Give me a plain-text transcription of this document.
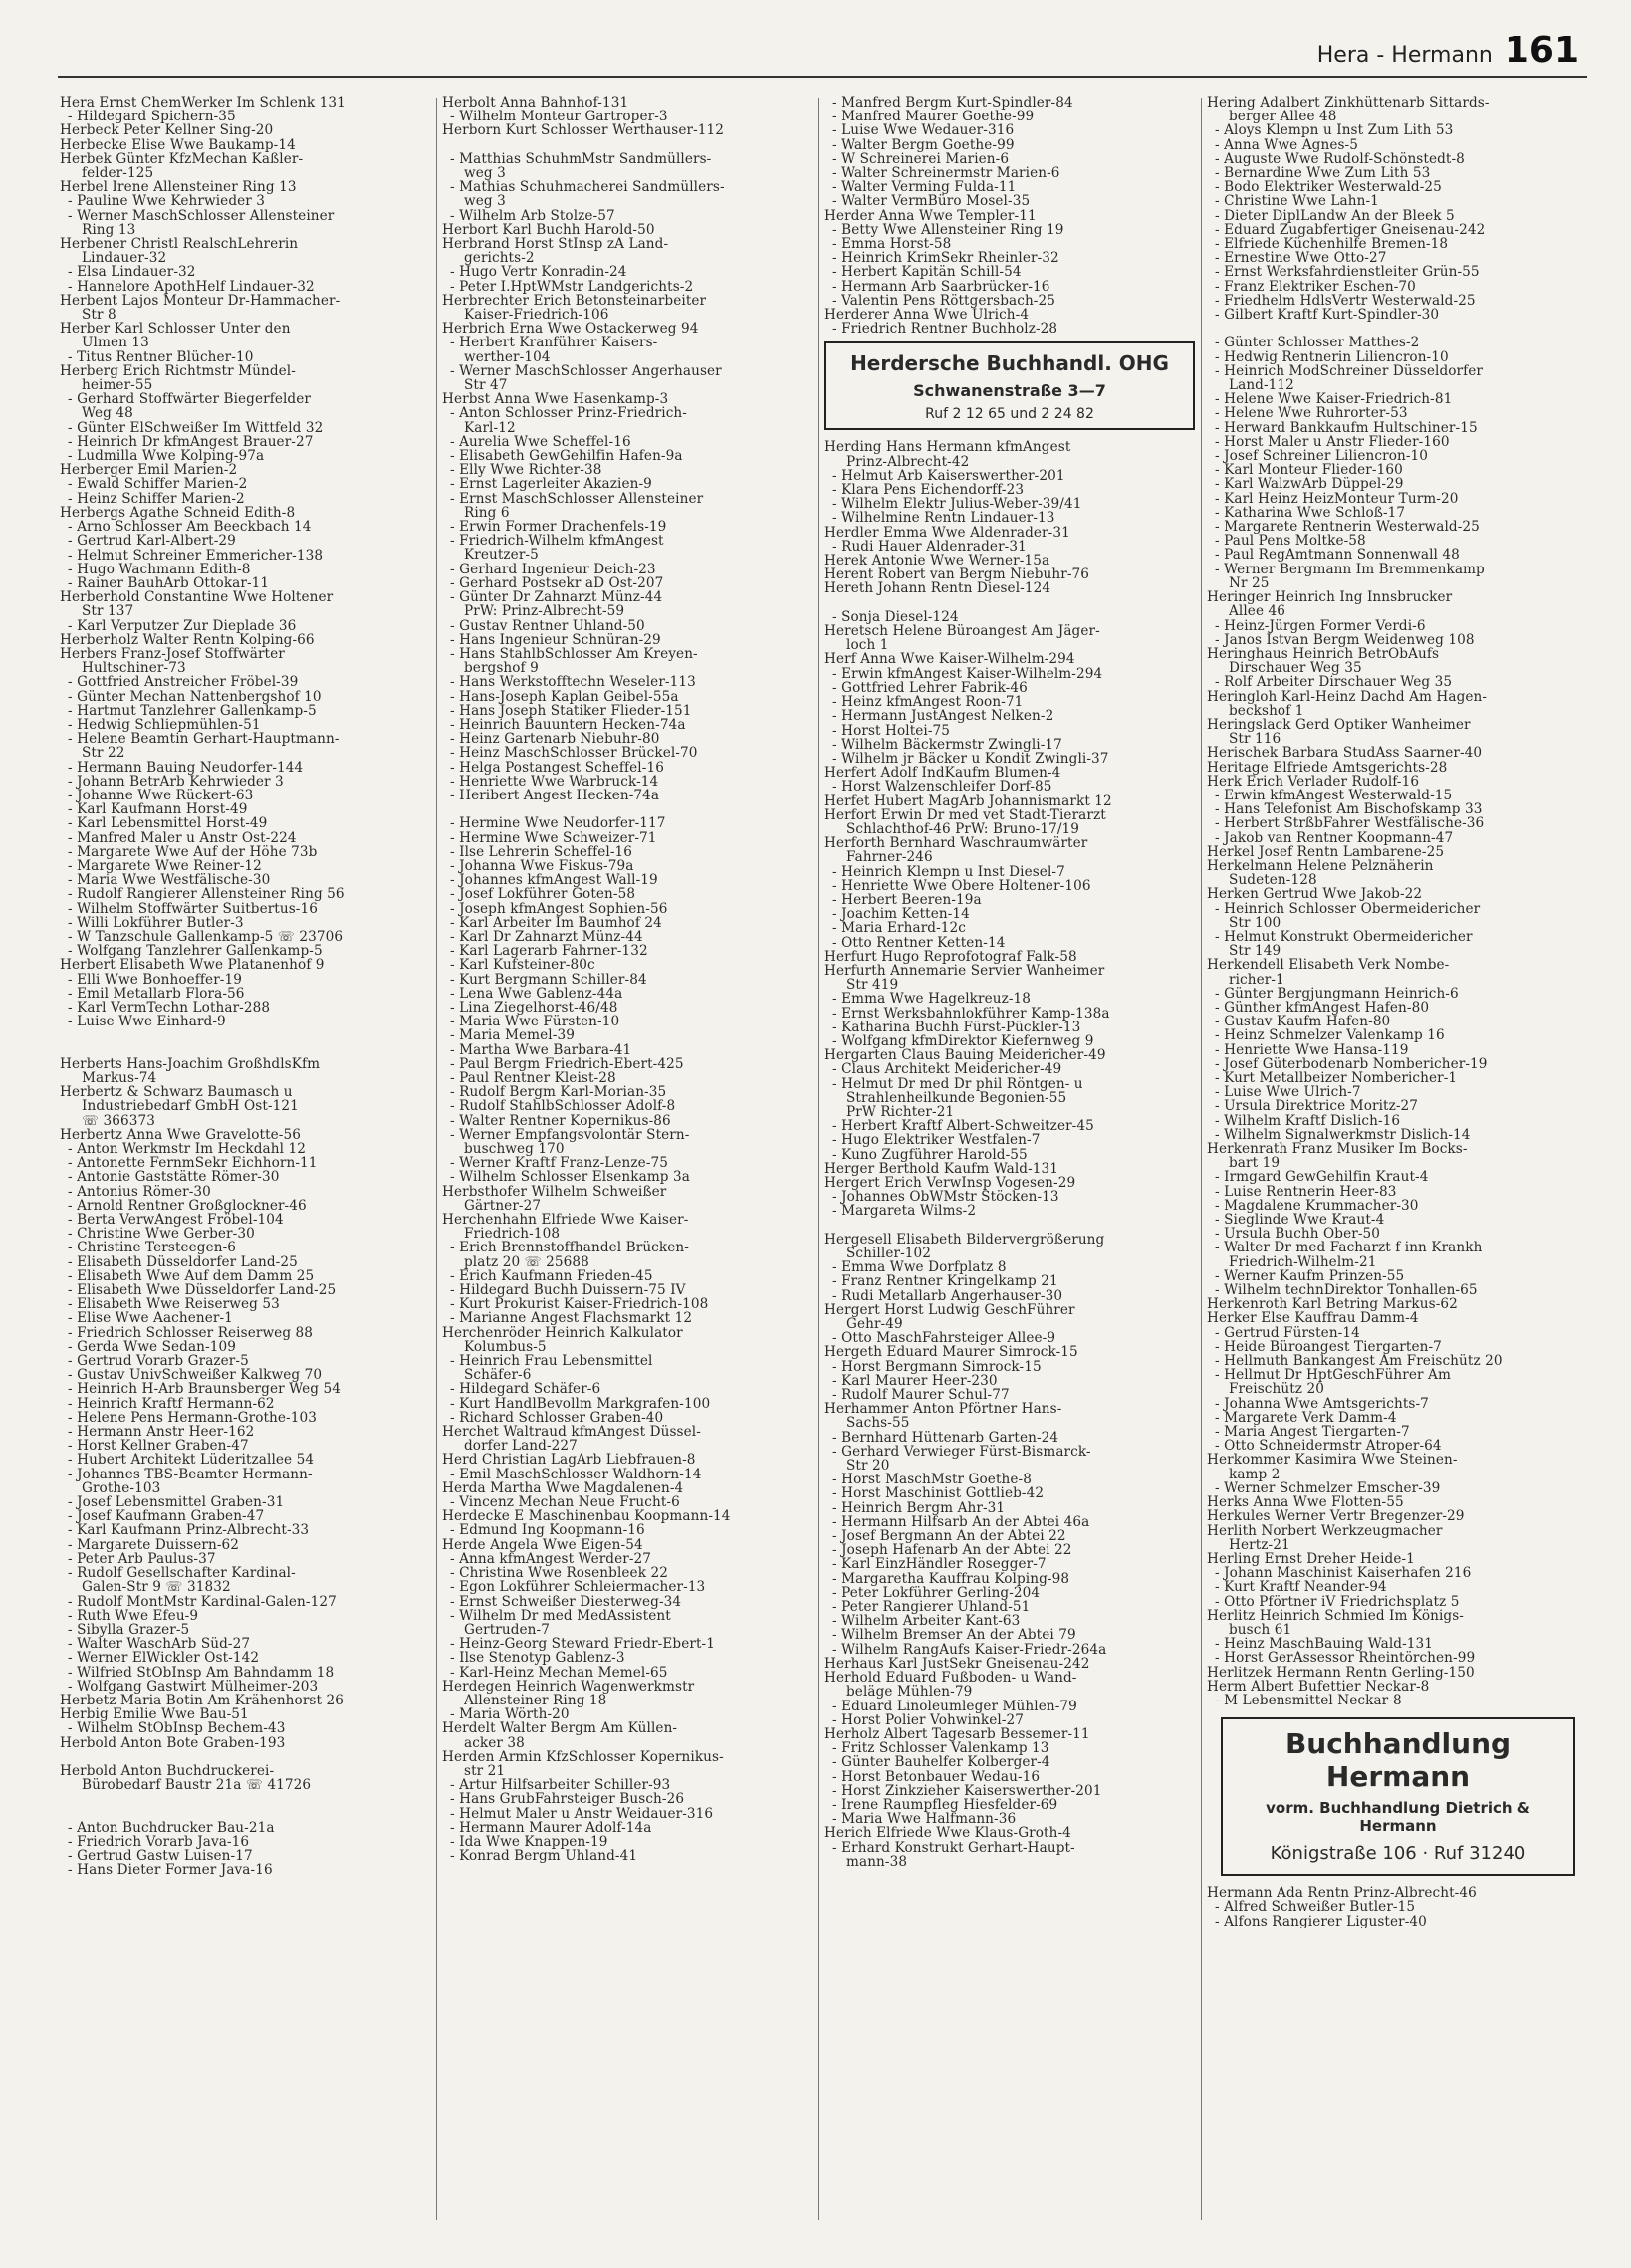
Hera - Hermann 161
Hera Ernst ChemWerker Im Schlenk 131
- Hildegard Spichern-35
Herbeck Peter Kellner Sing-20
Herbecke Elise Wwe Baukamp-14
Herbek Günter KfzMechan Kaßler-
felder-125
Herbel Irene Allensteiner Ring 13
- Pauline Wwe Kehrwieder 3
- Werner MaschSchlosser Allensteiner
Ring 13
Herbener Christl RealschLehrerin
Lindauer-32
- Elsa Lindauer-32
- Hannelore ApothHelf Lindauer-32
Herbent Lajos Monteur Dr-Hammacher-
Str 8
Herber Karl Schlosser Unter den
Ulmen 13
- Titus Rentner Blücher-10
Herberg Erich Richtmstr Mündel-
heimer-55
- Gerhard Stoffwärter Biegerfelder
Weg 48
- Günter ElSchweißer Im Wittfeld 32
- Heinrich Dr kfmAngest Brauer-27
- Ludmilla Wwe Kolping-97a
Herberger Emil Marien-2
- Ewald Schiffer Marien-2
- Heinz Schiffer Marien-2
Herbergs Agathe Schneid Edith-8
- Arno Schlosser Am Beeckbach 14
- Gertrud Karl-Albert-29
- Helmut Schreiner Emmericher-138
- Hugo Wachmann Edith-8
- Rainer BauhArb Ottokar-11
Herberhold Constantine Wwe Holtener
Str 137
- Karl Verputzer Zur Dieplade 36
Herberholz Walter Rentn Kolping-66
Herbers Franz-Josef Stoffwärter
Hultschiner-73
- Gottfried Anstreicher Fröbel-39
- Günter Mechan Nattenbergshof 10
- Hartmut Tanzlehrer Gallenkamp-5
- Hedwig Schliepmühlen-51
- Helene Beamtin Gerhart-Hauptmann-
Str 22
- Hermann Bauing Neudorfer-144
- Johann BetrArb Kehrwieder 3
- Johanne Wwe Rückert-63
- Karl Kaufmann Horst-49
- Karl Lebensmittel Horst-49
- Manfred Maler u Anstr Ost-224
- Margarete Wwe Auf der Höhe 73b
- Margarete Wwe Reiner-12
- Maria Wwe Westfälische-30
- Rudolf Rangierer Allensteiner Ring 56
- Wilhelm Stoffwärter Suitbertus-16
- Willi Lokführer Butler-3
- W Tanzschule Gallenkamp-5 ☏ 23706
- Wolfgang Tanzlehrer Gallenkamp-5
Herbert Elisabeth Wwe Platanenhof 9
- Elli Wwe Bonhoeffer-19
- Emil Metallarb Flora-56
- Karl VermTechn Lothar-288
- Luise Wwe Einhard-9
Herberts Hans-Joachim GroßhdlsKfm
Markus-74
Herbertz & Schwarz Baumasch u
Industriebedarf GmbH Ost-121
☏ 366373
Herbertz Anna Wwe Gravelotte-56
- Anton Werkmstr Im Heckdahl 12
- Antonette FernmSekr Eichhorn-11
- Antonie Gaststätte Römer-30
- Antonius Römer-30
- Arnold Rentner Großglockner-46
- Berta VerwAngest Fröbel-104
- Christine Wwe Gerber-30
- Christine Tersteegen-6
- Elisabeth Düsseldorfer Land-25
- Elisabeth Wwe Auf dem Damm 25
- Elisabeth Wwe Düsseldorfer Land-25
- Elisabeth Wwe Reiserweg 53
- Elise Wwe Aachener-1
- Friedrich Schlosser Reiserweg 88
- Gerda Wwe Sedan-109
- Gertrud Vorarb Grazer-5
- Gustav UnivSchweißer Kalkweg 70
- Heinrich H-Arb Braunsberger Weg 54
- Heinrich Kraftf Hermann-62
- Helene Pens Hermann-Grothe-103
- Hermann Anstr Heer-162
- Horst Kellner Graben-47
- Hubert Architekt Lüderitzallee 54
- Johannes TBS-Beamter Hermann-
Grothe-103
- Josef Lebensmittel Graben-31
- Josef Kaufmann Graben-47
- Karl Kaufmann Prinz-Albrecht-33
- Margarete Duissern-62
- Peter Arb Paulus-37
- Rudolf Gesellschafter Kardinal-
Galen-Str 9 ☏ 31832
- Rudolf MontMstr Kardinal-Galen-127
- Ruth Wwe Efeu-9
- Sibylla Grazer-5
- Walter WaschArb Süd-27
- Werner ElWickler Ost-142
- Wilfried StObInsp Am Bahndamm 18
- Wolfgang Gastwirt Mülheimer-203
Herbetz Maria Botin Am Krähenhorst 26
Herbig Emilie Wwe Bau-51
- Wilhelm StObInsp Bechem-43
Herbold Anton Bote Graben-193
Herbold Anton Buchdruckerei-
Bürobedarf Baustr 21a ☏ 41726
- Anton Buchdrucker Bau-21a
- Friedrich Vorarb Java-16
- Gertrud Gastw Luisen-17
- Hans Dieter Former Java-16
Herbolt Anna Bahnhof-131
- Wilhelm Monteur Gartroper-3
Herborn Kurt Schlosser Werthauser-112
- Matthias SchuhmMstr Sandmüllers-
weg 3
- Mathias Schuhmacherei Sandmüllers-
weg 3
- Wilhelm Arb Stolze-57
Herbort Karl Buchh Harold-50
Herbrand Horst StInsp zA Land-
gerichts-2
- Hugo Vertr Konradin-24
- Peter I.HptWMstr Landgerichts-2
Herbrechter Erich Betonsteinarbeiter
Kaiser-Friedrich-106
Herbrich Erna Wwe Ostackerweg 94
- Herbert Kranführer Kaisers-
werther-104
- Werner MaschSchlosser Angerhauser
Str 47
Herbst Anna Wwe Hasenkamp-3
- Anton Schlosser Prinz-Friedrich-
Karl-12
- Aurelia Wwe Scheffel-16
- Elisabeth GewGehilfin Hafen-9a
- Elly Wwe Richter-38
- Ernst Lagerleiter Akazien-9
- Ernst MaschSchlosser Allensteiner
Ring 6
- Erwin Former Drachenfels-19
- Friedrich-Wilhelm kfmAngest
Kreutzer-5
- Gerhard Ingenieur Deich-23
- Gerhard Postsekr aD Ost-207
- Günter Dr Zahnarzt Münz-44
PrW: Prinz-Albrecht-59
- Gustav Rentner Uhland-50
- Hans Ingenieur Schnüran-29
- Hans StahlbSchlosser Am Kreyen-
bergshof 9
- Hans Werkstofftechn Weseler-113
- Hans-Joseph Kaplan Geibel-55a
- Hans Joseph Statiker Flieder-151
- Heinrich Bauuntern Hecken-74a
- Heinz Gartenarb Niebuhr-80
- Heinz MaschSchlosser Brückel-70
- Helga Postangest Scheffel-16
- Henriette Wwe Warbruck-14
- Heribert Angest Hecken-74a
- Hermine Wwe Neudorfer-117
- Hermine Wwe Schweizer-71
- Ilse Lehrerin Scheffel-16
- Johanna Wwe Fiskus-79a
- Johannes kfmAngest Wall-19
- Josef Lokführer Goten-58
- Joseph kfmAngest Sophien-56
- Karl Arbeiter Im Baumhof 24
- Karl Dr Zahnarzt Münz-44
- Karl Lagerarb Fahrner-132
- Karl Kufsteiner-80c
- Kurt Bergmann Schiller-84
- Lena Wwe Gablenz-44a
- Lina Ziegelhorst-46/48
- Maria Wwe Fürsten-10
- Maria Memel-39
- Martha Wwe Barbara-41
- Paul Bergm Friedrich-Ebert-425
- Paul Rentner Kleist-28
- Rudolf Bergm Karl-Morian-35
- Rudolf StahlbSchlosser Adolf-8
- Walter Rentner Kopernikus-86
- Werner Empfangsvolontär Stern-
buschweg 170
- Werner Kraftf Franz-Lenze-75
- Wilhelm Schlosser Elsenkamp 3a
Herbsthofer Wilhelm Schweißer
Gärtner-27
Herchenhahn Elfriede Wwe Kaiser-
Friedrich-108
- Erich Brennstoffhandel Brücken-
platz 20 ☏ 25688
- Erich Kaufmann Frieden-45
- Hildegard Buchh Duissern-75 IV
- Kurt Prokurist Kaiser-Friedrich-108
- Marianne Angest Flachsmarkt 12
Herchenröder Heinrich Kalkulator
Kolumbus-5
- Heinrich Frau Lebensmittel
Schäfer-6
- Hildegard Schäfer-6
- Kurt HandlBevollm Markgrafen-100
- Richard Schlosser Graben-40
Herchet Waltraud kfmAngest Düssel-
dorfer Land-227
Herd Christian LagArb Liebfrauen-8
- Emil MaschSchlosser Waldhorn-14
Herda Martha Wwe Magdalenen-4
- Vincenz Mechan Neue Frucht-6
Herdecke E Maschinenbau Koopmann-14
- Edmund Ing Koopmann-16
Herde Angela Wwe Eigen-54
- Anna kfmAngest Werder-27
- Christina Wwe Rosenbleek 22
- Egon Lokführer Schleiermacher-13
- Ernst Schweißer Diesterweg-34
- Wilhelm Dr med MedAssistent
Gertruden-7
- Heinz-Georg Steward Friedr-Ebert-1
- Ilse Stenotyp Gablenz-3
- Karl-Heinz Mechan Memel-65
Herdegen Heinrich Wagenwerkmstr
Allensteiner Ring 18
- Maria Wörth-20
Herdelt Walter Bergm Am Küllen-
acker 38
Herden Armin KfzSchlosser Kopernikus-
str 21
- Artur Hilfsarbeiter Schiller-93
- Hans GrubFahrsteiger Busch-26
- Helmut Maler u Anstr Weidauer-316
- Hermann Maurer Adolf-14a
- Ida Wwe Knappen-19
- Konrad Bergm Uhland-41
- Manfred Bergm Kurt-Spindler-84
- Manfred Maurer Goethe-99
- Luise Wwe Wedauer-316
- Walter Bergm Goethe-99
- W Schreinerei Marien-6
- Walter Schreinermstr Marien-6
- Walter Verming Fulda-11
- Walter VermBüro Mosel-35
Herder Anna Wwe Templer-11
- Betty Wwe Allensteiner Ring 19
- Emma Horst-58
- Heinrich KrimSekr Rheinler-32
- Herbert Kapitän Schill-54
- Hermann Arb Saarbrücker-16
- Valentin Pens Röttgersbach-25
Herderer Anna Wwe Ulrich-4
- Friedrich Rentner Buchholz-28
Herdersche Buchhandl. OHG
Schwanenstraße 3—7
Ruf 2 12 65 und 2 24 82
Herding Hans Hermann kfmAngest
Prinz-Albrecht-42
- Helmut Arb Kaiserswerther-201
- Klara Pens Eichendorff-23
- Wilhelm Elektr Julius-Weber-39/41
- Wilhelmine Rentn Lindauer-13
Herdler Emma Wwe Aldenrader-31
- Rudi Hauer Aldenrader-31
Herek Antonie Wwe Werner-15a
Herent Robert van Bergm Niebuhr-76
Hereth Johann Rentn Diesel-124
- Sonja Diesel-124
Heretsch Helene Büroangest Am Jäger-
loch 1
Herf Anna Wwe Kaiser-Wilhelm-294
- Erwin kfmAngest Kaiser-Wilhelm-294
- Gottfried Lehrer Fabrik-46
- Heinz kfmAngest Roon-71
- Hermann JustAngest Nelken-2
- Horst Holtei-75
- Wilhelm Bäckermstr Zwingli-17
- Wilhelm jr Bäcker u Kondit Zwingli-37
Herfert Adolf IndKaufm Blumen-4
- Horst Walzenschleifer Dorf-85
Herfet Hubert MagArb Johannismarkt 12
Herfort Erwin Dr med vet Stadt-Tierarzt
Schlachthof-46 PrW: Bruno-17/19
Herforth Bernhard Waschraumwärter
Fahrner-246
- Heinrich Klempn u Inst Diesel-7
- Henriette Wwe Obere Holtener-106
- Herbert Beeren-19a
- Joachim Ketten-14
- Maria Erhard-12c
- Otto Rentner Ketten-14
Herfurt Hugo Reprofotograf Falk-58
Herfurth Annemarie Servier Wanheimer
Str 419
- Emma Wwe Hagelkreuz-18
- Ernst Werksbahnlokführer Kamp-138a
- Katharina Buchh Fürst-Pückler-13
- Wolfgang kfmDirektor Kiefernweg 9
Hergarten Claus Bauing Meidericher-49
- Claus Architekt Meidericher-49
- Helmut Dr med Dr phil Röntgen- u
Strahlenheilkunde Begonien-55
PrW Richter-21
- Herbert Kraftf Albert-Schweitzer-45
- Hugo Elektriker Westfalen-7
- Kuno Zugführer Harold-55
Herger Berthold Kaufm Wald-131
Hergert Erich VerwInsp Vogesen-29
- Johannes ObWMstr Stöcken-13
- Margareta Wilms-2
Hergesell Elisabeth Bildervergrößerung
Schiller-102
- Emma Wwe Dorfplatz 8
- Franz Rentner Kringelkamp 21
- Rudi Metallarb Angerhauser-30
Hergert Horst Ludwig GeschFührer
Gehr-49
- Otto MaschFahrsteiger Allee-9
Hergeth Eduard Maurer Simrock-15
- Horst Bergmann Simrock-15
- Karl Maurer Heer-230
- Rudolf Maurer Schul-77
Herhammer Anton Pförtner Hans-
Sachs-55
- Bernhard Hüttenarb Garten-24
- Gerhard Verwieger Fürst-Bismarck-
Str 20
- Horst MaschMstr Goethe-8
- Horst Maschinist Gottlieb-42
- Heinrich Bergm Ahr-31
- Hermann Hilfsarb An der Abtei 46a
- Josef Bergmann An der Abtei 22
- Joseph Hafenarb An der Abtei 22
- Karl EinzHändler Rosegger-7
- Margaretha Kauffrau Kolping-98
- Peter Lokführer Gerling-204
- Peter Rangierer Uhland-51
- Wilhelm Arbeiter Kant-63
- Wilhelm Bremser An der Abtei 79
- Wilhelm RangAufs Kaiser-Friedr-264a
Herhaus Karl JustSekr Gneisenau-242
Herhold Eduard Fußboden- u Wand-
beläge Mühlen-79
- Eduard Linoleumleger Mühlen-79
- Horst Polier Vohwinkel-27
Herholz Albert Tagesarb Bessemer-11
- Fritz Schlosser Valenkamp 13
- Günter Bauhelfer Kolberger-4
- Horst Betonbauer Wedau-16
- Horst Zinkzieher Kaiserswerther-201
- Irene Raumpfleg Hiesfelder-69
- Maria Wwe Halfmann-36
Herich Elfriede Wwe Klaus-Groth-4
- Erhard Konstrukt Gerhart-Haupt-
mann-38
Hering Adalbert Zinkhüttenarb Sittards-
berger Allee 48
- Aloys Klempn u Inst Zum Lith 53
- Anna Wwe Agnes-5
- Auguste Wwe Rudolf-Schönstedt-8
- Bernardine Wwe Zum Lith 53
- Bodo Elektriker Westerwald-25
- Christine Wwe Lahn-1
- Dieter DiplLandw An der Bleek 5
- Eduard Zugabfertiger Gneisenau-242
- Elfriede Küchenhilfe Bremen-18
- Ernestine Wwe Otto-27
- Ernst Werksfahrdienstleiter Grün-55
- Franz Elektriker Eschen-70
- Friedhelm HdlsVertr Westerwald-25
- Gilbert Kraftf Kurt-Spindler-30
- Günter Schlosser Matthes-2
- Hedwig Rentnerin Liliencron-10
- Heinrich ModSchreiner Düsseldorfer
Land-112
- Helene Wwe Kaiser-Friedrich-81
- Helene Wwe Ruhrorter-53
- Herward Bankkaufm Hultschiner-15
- Horst Maler u Anstr Flieder-160
- Josef Schreiner Liliencron-10
- Karl Monteur Flieder-160
- Karl WalzwArb Düppel-29
- Karl Heinz HeizMonteur Turm-20
- Katharina Wwe Schloß-17
- Margarete Rentnerin Westerwald-25
- Paul Pens Moltke-58
- Paul RegAmtmann Sonnenwall 48
- Werner Bergmann Im Bremmenkamp
Nr 25
Heringer Heinrich Ing Innsbrucker
Allee 46
- Heinz-Jürgen Former Verdi-6
- Janos Istvan Bergm Weidenweg 108
Heringhaus Heinrich BetrObAufs
Dirschauer Weg 35
- Rolf Arbeiter Dirschauer Weg 35
Heringloh Karl-Heinz Dachd Am Hagen-
beckshof 1
Heringslack Gerd Optiker Wanheimer
Str 116
Herischek Barbara StudAss Saarner-40
Heritage Elfriede Amtsgerichts-28
Herk Erich Verlader Rudolf-16
- Erwin kfmAngest Westerwald-15
- Hans Telefonist Am Bischofskamp 33
- Herbert StrßbFahrer Westfälische-36
- Jakob van Rentner Koopmann-47
Herkel Josef Rentn Lambarene-25
Herkelmann Helene Pelznäherin
Sudeten-128
Herken Gertrud Wwe Jakob-22
- Heinrich Schlosser Obermeidericher
Str 100
- Helmut Konstrukt Obermeidericher
Str 149
Herkendell Elisabeth Verk Nombe-
richer-1
- Günter Bergjungmann Heinrich-6
- Günther kfmAngest Hafen-80
- Gustav Kaufm Hafen-80
- Heinz Schmelzer Valenkamp 16
- Henriette Wwe Hansa-119
- Josef Güterbodenarb Nombericher-19
- Kurt Metallbeizer Nombericher-1
- Luise Wwe Ulrich-7
- Ursula Direktrice Moritz-27
- Wilhelm Kraftf Dislich-16
- Wilhelm Signalwerkmstr Dislich-14
Herkenrath Franz Musiker Im Bocks-
bart 19
- Irmgard GewGehilfin Kraut-4
- Luise Rentnerin Heer-83
- Magdalene Krummacher-30
- Sieglinde Wwe Kraut-4
- Ursula Buchh Ober-50
- Walter Dr med Facharzt f inn Krankh
Friedrich-Wilhelm-21
- Werner Kaufm Prinzen-55
- Wilhelm technDirektor Tonhallen-65
Herkenroth Karl Betring Markus-62
Herker Else Kauffrau Damm-4
- Gertrud Fürsten-14
- Heide Büroangest Tiergarten-7
- Hellmuth Bankangest Am Freischütz 20
- Hellmut Dr HptGeschFührer Am
Freischütz 20
- Johanna Wwe Amtsgerichts-7
- Margarete Verk Damm-4
- Maria Angest Tiergarten-7
- Otto Schneidermstr Atroper-64
Herkommer Kasimira Wwe Steinen-
kamp 2
- Werner Schmelzer Emscher-39
Herks Anna Wwe Flotten-55
Herkules Werner Vertr Bregenzer-29
Herlith Norbert Werkzeugmacher
Hertz-21
Herling Ernst Dreher Heide-1
- Johann Maschinist Kaiserhafen 216
- Kurt Kraftf Neander-94
- Otto Pförtner iV Friedrichsplatz 5
Herlitz Heinrich Schmied Im Königs-
busch 61
- Heinz MaschBauing Wald-131
- Horst GerAssessor Rheintörchen-99
Herlitzek Hermann Rentn Gerling-150
Herm Albert Bufettier Neckar-8
- M Lebensmittel Neckar-8
Buchhandlung Hermann
vorm. Buchhandlung Dietrich & Hermann
Königstraße 106 · Ruf 31240
Hermann Ada Rentn Prinz-Albrecht-46
- Alfred Schweißer Butler-15
- Alfons Rangierer Liguster-40
